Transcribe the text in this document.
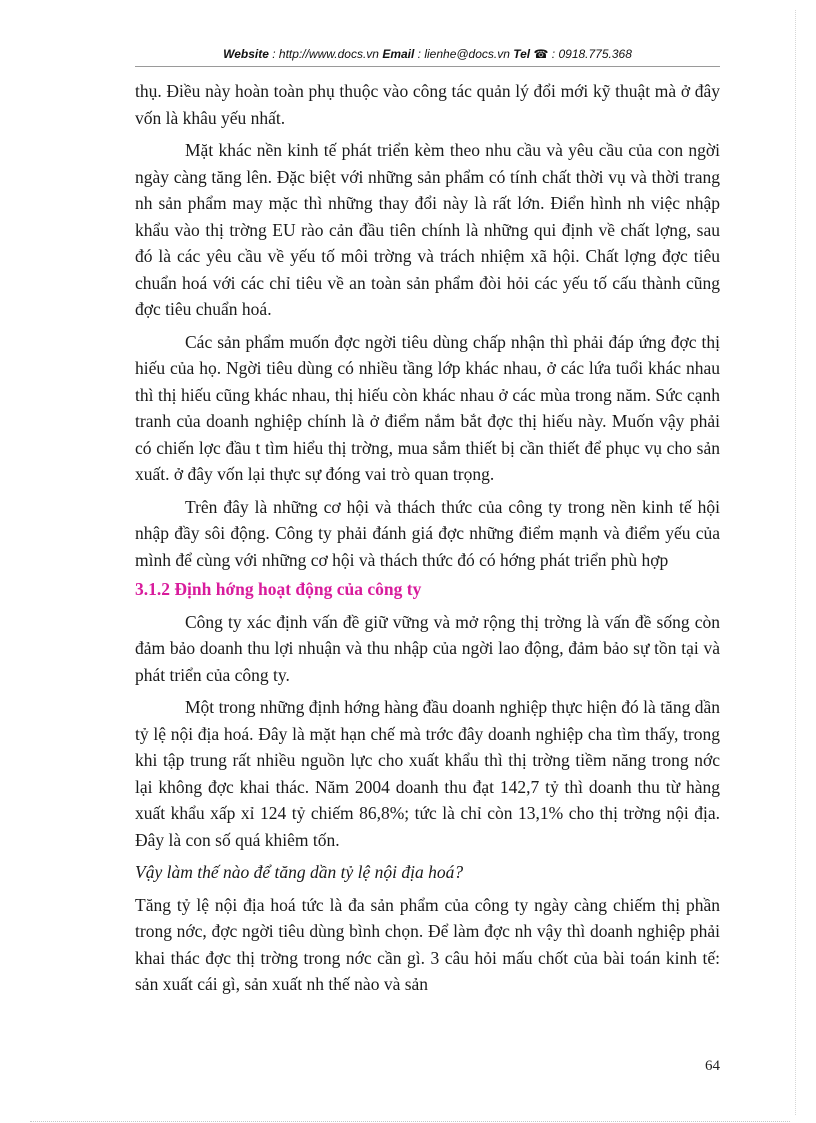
Website : http://www.docs.vn Email : lienhe@docs.vn Tel ☎ : 0918.775.368

thụ. Điều này hoàn toàn phụ thuộc vào công tác quản lý đổi mới kỹ thuật mà ở đây vốn là khâu yếu nhất.

Mặt khác nền kinh tế phát triển kèm theo nhu cầu và yêu cầu của con ngời ngày càng tăng lên. Đặc biệt với những sản phẩm có tính chất thời vụ và thời trang nh sản phẩm may mặc thì những thay đổi này là rất lớn. Điển hình nh việc nhập khẩu vào thị trờng EU rào cản đầu tiên chính là những qui định về chất lợng, sau đó là các yêu cầu về yếu tố môi trờng và trách nhiệm xã hội. Chất lợng đợc tiêu chuẩn hoá với các chỉ tiêu về an toàn sản phẩm đòi hỏi các yếu tố cấu thành cũng đợc tiêu chuẩn hoá.

Các sản phẩm muốn đợc ngời tiêu dùng chấp nhận thì phải đáp ứng đợc thị hiếu của họ. Ngời tiêu dùng có nhiều tầng lớp khác nhau, ở các lứa tuổi khác nhau thì thị hiếu cũng khác nhau, thị hiếu còn khác nhau ở các mùa trong năm. Sức cạnh tranh của doanh nghiệp chính là ở điểm nắm bắt đợc thị hiếu này. Muốn vậy phải có chiến lợc đầu t tìm hiểu thị trờng, mua sắm thiết bị cần thiết để phục vụ cho sản xuất. ở đây vốn lại thực sự đóng vai trò quan trọng.

Trên đây là những cơ hội và thách thức của công ty trong nền kinh tế hội nhập đầy sôi động. Công ty phải đánh giá đợc những điểm mạnh và điểm yếu của mình để cùng với những cơ hội và thách thức đó có hớng phát triển phù hợp

3.1.2 Định hớng hoạt động của công ty

Công ty xác định vấn đề giữ vững và mở rộng thị trờng là vấn đề sống còn đảm bảo doanh thu lợi nhuận và thu nhập của ngời lao động, đảm bảo sự tồn tại và phát triển của công ty.

Một trong những định hớng hàng đầu doanh nghiệp thực hiện đó là tăng dần tỷ lệ nội địa hoá. Đây là mặt hạn chế mà trớc đây doanh nghiệp cha tìm thấy, trong khi tập trung rất nhiều nguồn lực cho xuất khẩu thì thị trờng tiềm năng trong nớc lại không đợc khai thác. Năm 2004 doanh thu đạt 142,7 tỷ thì doanh thu từ hàng xuất khẩu xấp xỉ 124 tỷ chiếm 86,8%; tức là chỉ còn 13,1% cho thị trờng nội địa. Đây là con số quá khiêm tốn.

Vậy làm thế nào để tăng dần tỷ lệ nội địa hoá?

Tăng tỷ lệ nội địa hoá tức là đa sản phẩm của công ty ngày càng chiếm thị phần trong nớc, đợc ngời tiêu dùng bình chọn. Để làm đợc nh vậy thì doanh nghiệp phải khai thác đợc thị trờng trong nớc cần gì. 3 câu hỏi mấu chốt của bài toán kinh tế: sản xuất cái gì, sản xuất nh thế nào và sản

64
